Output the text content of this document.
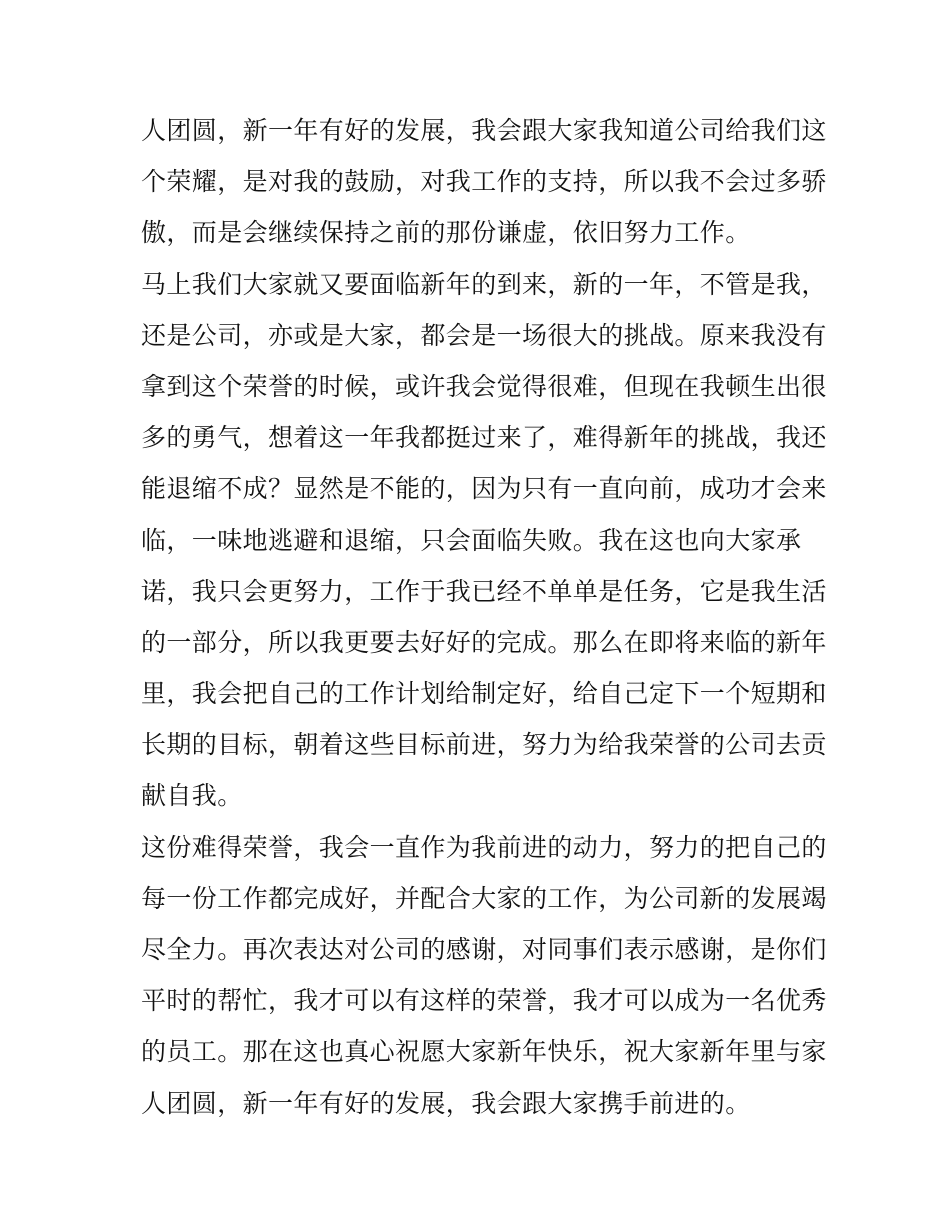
人团圆，新一年有好的发展，我会跟大家我知道公司给我们这
个荣耀，是对我的鼓励，对我工作的支持，所以我不会过多骄
傲，而是会继续保持之前的那份谦虚，依旧努力工作。
马上我们大家就又要面临新年的到来，新的一年，不管是我，
还是公司，亦或是大家，都会是一场很大的挑战。原来我没有
拿到这个荣誉的时候，或许我会觉得很难，但现在我顿生出很
多的勇气，想着这一年我都挺过来了，难得新年的挑战，我还
能退缩不成？显然是不能的，因为只有一直向前，成功才会来
临，一味地逃避和退缩，只会面临失败。我在这也向大家承
诺，我只会更努力，工作于我已经不单单是任务，它是我生活
的一部分，所以我更要去好好的完成。那么在即将来临的新年
里，我会把自己的工作计划给制定好，给自己定下一个短期和
长期的目标，朝着这些目标前进，努力为给我荣誉的公司去贡
献自我。
这份难得荣誉，我会一直作为我前进的动力，努力的把自己的
每一份工作都完成好，并配合大家的工作，为公司新的发展竭
尽全力。再次表达对公司的感谢，对同事们表示感谢，是你们
平时的帮忙，我才可以有这样的荣誉，我才可以成为一名优秀
的员工。那在这也真心祝愿大家新年快乐，祝大家新年里与家
人团圆，新一年有好的发展，我会跟大家携手前进的。
